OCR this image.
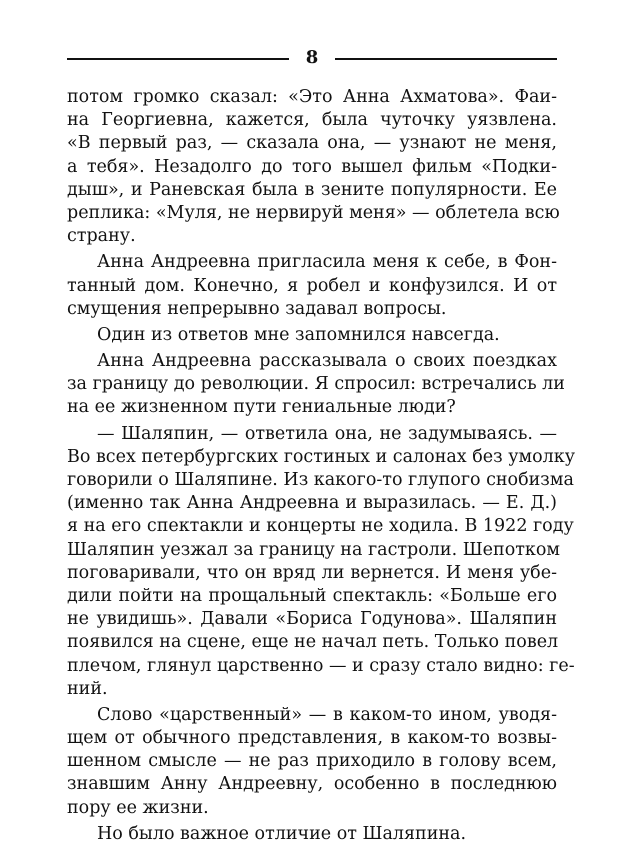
8
потом громко сказал: «Это Анна Ахматова». Фаи-
на Георгиевна, кажется, была чуточку уязвлена.
«В первый раз, — сказала она, — узнают не меня,
а тебя». Незадолго до того вышел фильм «Подки-
дыш», и Раневская была в зените популярности. Ее
реплика: «Муля, не нервируй меня» — облетела всю
страну.
Анна Андреевна пригласила меня к себе, в Фон-
танный дом. Конечно, я робел и конфузился. И от
смущения непрерывно задавал вопросы.
Один из ответов мне запомнился навсегда.
Анна Андреевна рассказывала о своих поездках
за границу до революции. Я спросил: встречались ли
на ее жизненном пути гениальные люди?
— Шаляпин, — ответила она, не задумываясь. —
Во всех петербургских гостиных и салонах без умолку
говорили о Шаляпине. Из какого-то глупого снобизма
(именно так Анна Андреевна и выразилась. — Е. Д.)
я на его спектакли и концерты не ходила. В 1922 году
Шаляпин уезжал за границу на гастроли. Шепотком
поговаривали, что он вряд ли вернется. И меня убе-
дили пойти на прощальный спектакль: «Больше его
не увидишь». Давали «Бориса Годунова». Шаляпин
появился на сцене, еще не начал петь. Только повел
плечом, глянул царственно — и сразу стало видно: ге-
ний.
Слово «царственный» — в каком-то ином, уводя-
щем от обычного представления, в каком-то возвы-
шенном смысле — не раз приходило в голову всем,
знавшим Анну Андреевну, особенно в последнюю
пору ее жизни.
Но было важное отличие от Шаляпина.
